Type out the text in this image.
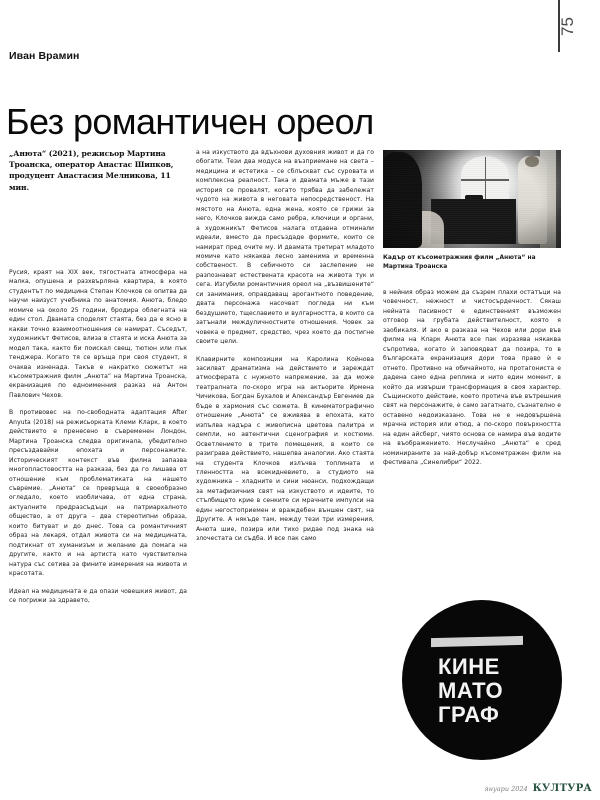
75
Иван Врамин
Без романтичен ореол
„Анюта“ (2021), режисьор Мартина Троанска, оператор Анастас Шипков, продуцент Анастасия Мелникова, 11 мин.

Русия, краят на XIX век, тягостната атмосфера на малка, опушена и разхвърляна квартира, в която студентът по медицина Степан Клочков се опитва да научи наизуст учебника по анатомия. Анюта, бледо момиче на около 25 години, бродира облегната на един стол. Двамата споделят стаята, без да е ясно в какви точно взаимоотношения се намират. Съседът, художникът Фетисов, влиза в стаята и иска Анюта за модел така, както би поискал свещ, тютюн или пък тенджера. Когато тя се връща при своя студент, я очаква изненада. Такъв е накратко сюжетът на късометражния филм „Анюта“ на Мартина Троанска, екранизация по едноименния разказ на Антон Павлович Чехов.

В противовес на по-свободната адаптация After Anyuta (2018) на режисьорката Клеми Кларк, в което действието е пренесено в съвременен Лондон, Мартина Троанска следва оригинала, убедително пресъздавайки епохата и персонажите. Историческият контекст във филма запазва многопластовостта на разказа, без да го лишава от отношение към проблематиката на нашето съвремие. „Анюта“ се превръща в своеобразно огледало, което изобличава, от една страна, актуалните предразсъдъци на патриархалното общество, а от друга – два стереотипни образа, които битуват и до днес. Това са романтичният образ на лекаря, отдал живота си на медицината, подтикнат от хуманизъм и желание да помага на другите, както и на артиста като чувствителна натура със сетива за фините измерения на живота и красотата.

Идеал на медицината е да опази човешкия живот, да се погрижи за здравето,

а на изкуството да вдъхнови духовния живот и да го обогати. Тези два модуса на възприемане на света – медицина и естетика – се сблъскват със суровата и комплексна реалност. Така и двамата мъже в тази история се провалят, когато трябва да забележат чудото на живота в неговата непосредственост. На мястото на Анюта, една жена, която се грижи за него, Клочков вижда само ребра, ключици и органи, а художникът Фетисов налага отдавна отминали идеали, вместо да пресъздаде формите, които се намират пред очите му. И двамата третират младото момиче като някаква лесно заменима и временна собственост. В себичното си заслепение не разпознават естествената красота на живота тук и сега. Изгубили романтичния ореол на „възвишените“ си занимания, оправдаващ арогантното поведение, двата персонажа насочват погледа ни към бездушието, тщеславието и вулгарността, в които са затънали междуличностните отношения. Човек за човека е предмет, средство, чрез което да постигне своите цели.

Клавирните композиции на Каролина Койнова засилват драматизма на действието и зареждат атмосферата с нужното напрежение, за да може театралната по-скоро игра на актьорите Ирмена Чичикова, Богдан Бухалов и Александър Евгениев да бъде в хармония със сюжета. В кинематографично отношение „Анюта“ се вживява в епохата, като изпълва кадъра с живописна цветова палитра и семпли, но автентични сценография и костюми. Осветлението в трите помещения, в които се разиграва действието, нашепва аналогии. Ако стаята на студента Клочков излъчва топлината и тленността на всекидневието, а студиото на художника – хладните и сини нюанси, подхождащи за метафизичния свят на изкуството и идеите, то стълбището крие в сенките си мрачните импулси на един негостоприемен и враждебен външен свят, на Другите. А някъде там, между тези три измерения, Анюта шие, позира или тихо ридае под знака на злочестата си съдба. И все пак само

Кадър от късометражния филм „Анюта“ на Мартина Троанска

в нейния образ можем да съзрем плахи остатъци на човечност, нежност и чистосърдечност. Сякаш нейната пасивност е единственият възможен отговор на грубата действителност, която я заобикаля. И ако в разказа на Чехов или дори във филма на Кларк Анюта все пак изразява някаква съпротива, когато ѝ заповядват да позира, то в българската екранизация дори това право ѝ е отнето. Противно на обичайното, на протагониста е дадена само една реплика и нито един момент, в който да извърши трансформация в своя характер. Същинското действие, което протича във вътрешния свят на персонажите, е само загатнато, съзнателно е оставено недоизказано. Това не е недовършена мрачна история или етюд, а по-скоро повърхността на един айсберг, чиято основа се намира във водите на въображението. Неслучайно „Анюта“ е сред номинираните за най-добър късометражен филм на фестивала „Синелибри“ 2022.

КИНЕ
МАТО
ГРАФ
януари 2024 КУЛТУРА
